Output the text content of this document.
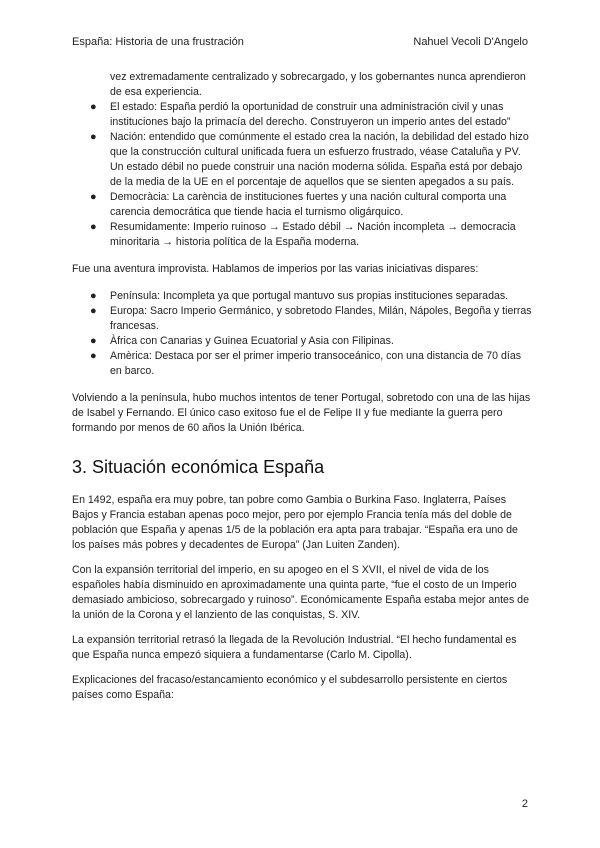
España: Historia de una frustración	Nahuel Vecoli D'Angelo

vez extremadamente centralizado y sobrecargado, y los gobernantes nunca aprendieron de esa experiencia.

● El estado: España perdió la oportunidad de construir una administración civil y unas instituciones bajo la primacía del derecho. Construyeron un imperio antes del estado”
● Nación: entendido que comúnmente el estado crea la nación, la debilidad del estado hizo que la construcción cultural unificada fuera un esfuerzo frustrado, véase Cataluña y PV. Un estado débil no puede construir una nación moderna sólida. España está por debajo de la media de la UE en el porcentaje de aquellos que se sienten apegados a su país.
● Democràcia: La carència de instituciones fuertes y una nación cultural comporta una carencia democrática que tiende hacia el turnismo oligárquico.
● Resumidamente: Imperio ruinoso → Estado débil → Nación incompleta → democracia minoritaria → historia política de la España moderna.

Fue una aventura improvista. Hablamos de imperios por las varias iniciativas dispares:

● Península: Incompleta ya que portugal mantuvo sus propias instituciones separadas.
● Europa: Sacro Imperio Germánico, y sobretodo Flandes, Milán, Nápoles, Begoña y tierras francesas.
● Àfrica con Canarias y Guinea Ecuatorial y Asia con Filipinas.
● Amèrica: Destaca por ser el primer imperio transoceánico, con una distancia de 70 días en barco.

Volviendo a la península, hubo muchos intentos de tener Portugal, sobretodo con una de las hijas de Isabel y Fernando. El único caso exitoso fue el de Felipe II y fue mediante la guerra pero formando por menos de 60 años la Unión Ibérica.

3. Situación económica España

En 1492, españa era muy pobre, tan pobre como Gambia o Burkina Faso. Inglaterra, Países Bajos y Francia estaban apenas poco mejor, pero por ejemplo Francia tenía más del doble de población que España y apenas 1/5 de la población era apta para trabajar. “España era uno de los países más pobres y decadentes de Europa” (Jan Luiten Zanden).

Con la expansión territorial del imperio, en su apogeo en el S XVII, el nivel de vida de los españoles había disminuido en aproximadamente una quinta parte, “fue el costo de un Imperio demasiado ambicioso, sobrecargado y ruinoso”. Económicamente España estaba mejor antes de la unión de la Corona y el lanziento de las conquistas, S. XIV.

La expansión territorial retrasó la llegada de la Revolución Industrial. “El hecho fundamental es que España nunca empezó siquiera a fundamentarse (Carlo M. Cipolla).

Explicaciones del fracaso/estancamiento económico y el subdesarrollo persistente en ciertos países como España:

2
